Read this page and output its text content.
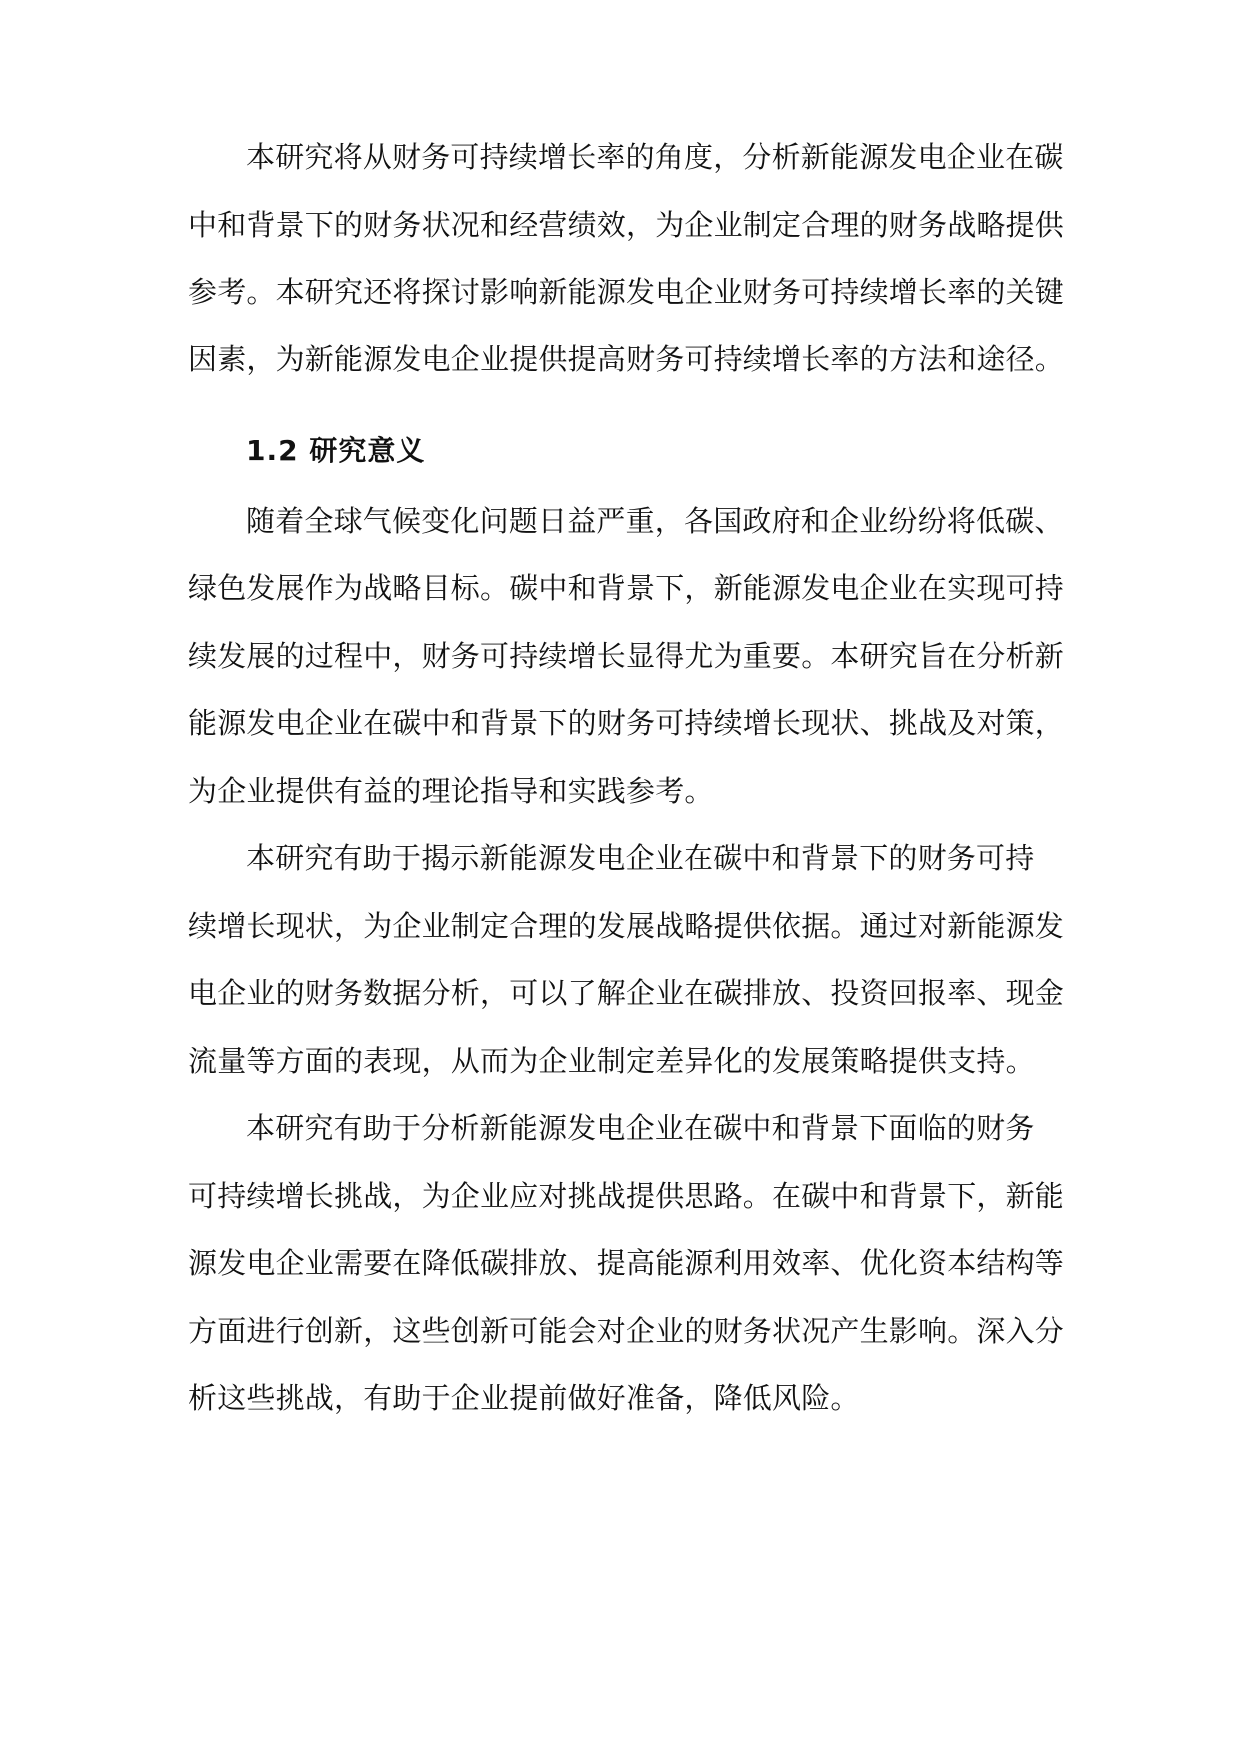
本研究将从财务可持续增长率的角度，分析新能源发电企业在碳
中和背景下的财务状况和经营绩效，为企业制定合理的财务战略提供
参考。本研究还将探讨影响新能源发电企业财务可持续增长率的关键
因素，为新能源发电企业提供提高财务可持续增长率的方法和途径。
1.2 研究意义
随着全球气候变化问题日益严重，各国政府和企业纷纷将低碳、
绿色发展作为战略目标。碳中和背景下，新能源发电企业在实现可持
续发展的过程中，财务可持续增长显得尤为重要。本研究旨在分析新
能源发电企业在碳中和背景下的财务可持续增长现状、挑战及对策，
为企业提供有益的理论指导和实践参考。
本研究有助于揭示新能源发电企业在碳中和背景下的财务可持
续增长现状，为企业制定合理的发展战略提供依据。通过对新能源发
电企业的财务数据分析，可以了解企业在碳排放、投资回报率、现金
流量等方面的表现，从而为企业制定差异化的发展策略提供支持。
本研究有助于分析新能源发电企业在碳中和背景下面临的财务
可持续增长挑战，为企业应对挑战提供思路。在碳中和背景下，新能
源发电企业需要在降低碳排放、提高能源利用效率、优化资本结构等
方面进行创新，这些创新可能会对企业的财务状况产生影响。深入分
析这些挑战，有助于企业提前做好准备，降低风险。
